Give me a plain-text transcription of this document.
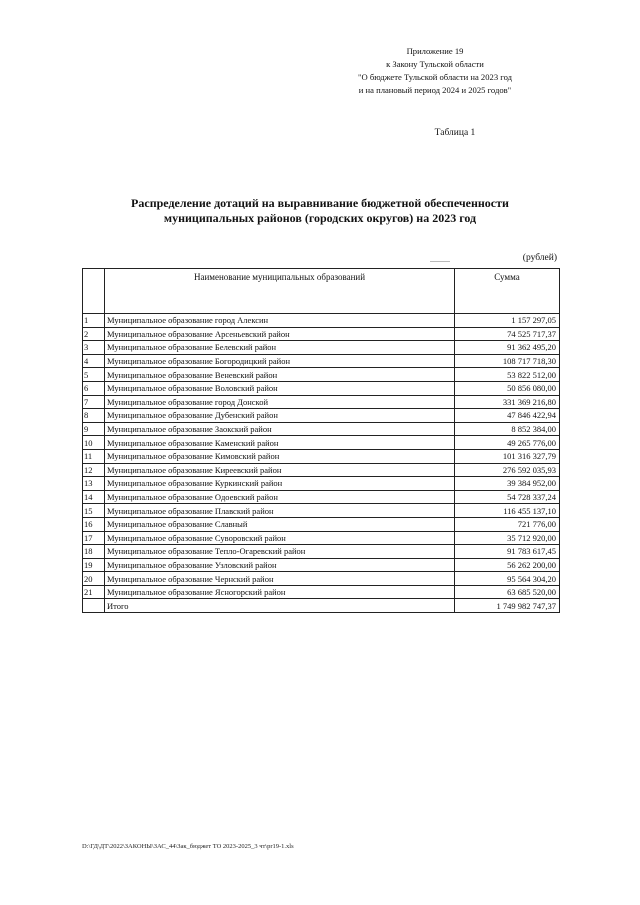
Приложение 19
к Закону Тульской области
"О бюджете Тульской области на 2023 год
и на плановый период 2024 и 2025 годов"
Таблица 1
Распределение дотаций на выравнивание бюджетной обеспеченности
муниципальных районов (городских округов) на 2023 год
(рублей)
	Наименование муниципальных образований	Сумма
1	Муниципальное образование город Алексин	1 157 297,05
2	Муниципальное образование Арсеньевский район	74 525 717,37
3	Муниципальное образование Белевский район	91 362 495,20
4	Муниципальное образование Богородицкий район	108 717 718,30
5	Муниципальное образование Веневский район	53 822 512,00
6	Муниципальное образование Воловский район	50 856 080,00
7	Муниципальное образование город Донской	331 369 216,80
8	Муниципальное образование Дубенский район	47 846 422,94
9	Муниципальное образование Заокский район	8 852 384,00
10	Муниципальное образование Каменский район	49 265 776,00
11	Муниципальное образование Кимовский район	101 316 327,79
12	Муниципальное образование Киреевский район	276 592 035,93
13	Муниципальное образование Куркинский район	39 384 952,00
14	Муниципальное образование Одоевский район	54 728 337,24
15	Муниципальное образование Плавский район	116 455 137,10
16	Муниципальное образование Славный	721 776,00
17	Муниципальное образование Суворовский район	35 712 920,00
18	Муниципальное образование Тепло-Огаревский район	91 783 617,45
19	Муниципальное образование Узловский район	56 262 200,00
20	Муниципальное образование Чернский район	95 564 304,20
21	Муниципальное образование Ясногорский район	63 685 520,00
	Итого	1 749 982 747,37
D:\ГД\ДТ\2022\ЗАКОНЫ\ЗАС_44\Зак_бюджет ТО 2023-2025_3 чт\pr19-1.xls
